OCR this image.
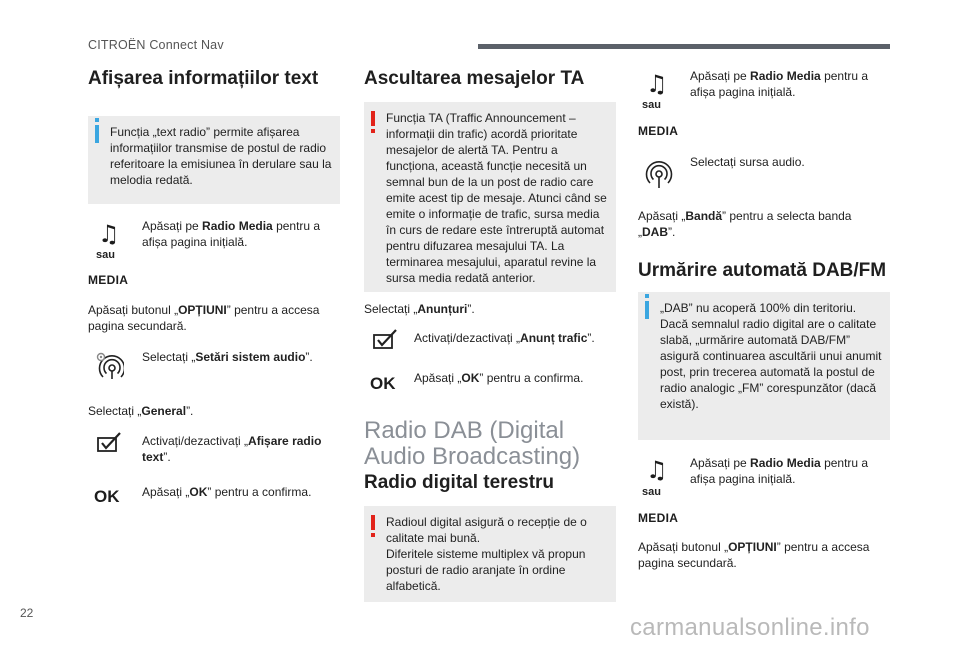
CITROËN Connect Nav
Afișarea informațiilor text
Funcția „text radio” permite afișarea informațiilor transmise de postul de radio referitoare la emisiunea în derulare sau la melodia redată.
♫
sau
MEDIA
Apăsați pe Radio Media pentru a afișa pagina inițială.
Apăsați butonul „OPȚIUNI” pentru a accesa pagina secundară.
Selectați „Setări sistem audio”.
Selectați „General”.
Activați/dezactivați „Afișare radio text”.
OK Apăsați „OK” pentru a confirma.
Ascultarea mesajelor TA
Funcția TA (Traffic Announcement – informații din trafic) acordă prioritate mesajelor de alertă TA. Pentru a funcționa, această funcție necesită un semnal bun de la un post de radio care emite acest tip de mesaje. Atunci când se emite o informație de trafic, sursa media în curs de redare este întreruptă automat pentru difuzarea mesajului TA. La terminarea mesajului, aparatul revine la sursa media redată anterior.
Selectați „Anunțuri”.
Activați/dezactivați „Anunț trafic”.
OK Apăsați „OK” pentru a confirma.
Radio DAB (Digital Audio Broadcasting)
Radio digital terestru
Radioul digital asigură o recepție de o calitate mai bună.
Diferitele sisteme multiplex vă propun posturi de radio aranjate în ordine alfabetică.
♫
sau
MEDIA
Apăsați pe Radio Media pentru a afișa pagina inițială.
Selectați sursa audio.
Apăsați „Bandă” pentru a selecta banda „DAB”.
Urmărire automată DAB/FM
„DAB” nu acoperă 100% din teritoriu. Dacă semnalul radio digital are o calitate slabă, „urmărire automată DAB/FM” asigură continuarea ascultării unui anumit post, prin trecerea automată la postul de radio analogic „FM” corespunzător (dacă există).
♫
sau
MEDIA
Apăsați pe Radio Media pentru a afișa pagina inițială.
Apăsați butonul „OPȚIUNI” pentru a accesa pagina secundară.
22
carmanualsonline.info
